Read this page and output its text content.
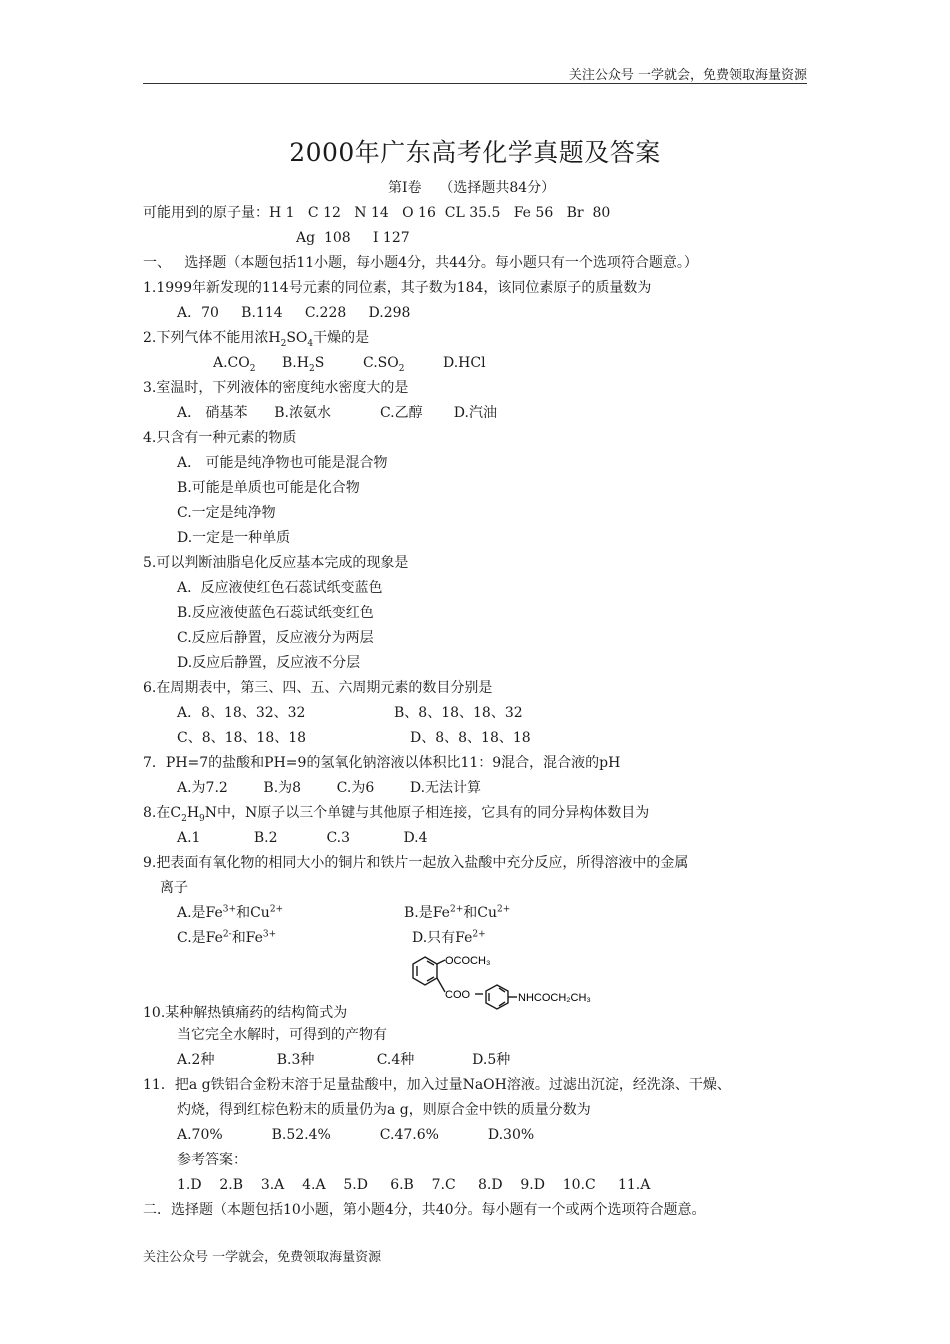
关注公众号 一学就会，免费领取海量资源
2000年广东高考化学真题及答案
第Ⅰ卷    （选择题共84分）
可能用到的原子量：H 1   C 12   N 14   O 16  CL 35.5   Fe 56   Br  80
Ag  108     I 127
一、   选择题（本题包括11小题，每小题4分，共44分。每小题只有一个选项符合题意。）
1.1999年新发现的114号元素的同位素，其子数为184，该同位素原子的质量数为
A．70     B.114     C.228     D.298
2.下列气体不能用浓$H_2SO_4$干燥的是
$A.CO_2$ $B.H_2S$	$C.SO_2$	D.HCl
3.室温时，下列液体的密度纯水密度大的是
A． 硝基苯      B.浓氨水           C.乙醇       D.汽油
4.只含有一种元素的物质
A． 可能是纯净物也可能是混合物
B.可能是单质也可能是化合物
C.一定是纯净物
D.一定是一种单质
5.可以判断油脂皂化反应基本完成的现象是
A.  反应液使红色石蕊试纸变蓝色
B.反应液使蓝色石蕊试纸变红色
C.反应后静置，反应液分为两层
D.反应后静置，反应液不分层
6.在周期表中，第三、四、五、六周期元素的数目分别是
A．8、18、32、32	B、8、18、18、32
C、8、18、18、18	D、8、8、18、18
7．PH=7的盐酸和PH=9的氢氧化钠溶液以体积比11：9混合，混合液的pH
A.为7.2        B.为8        C.为6        D.无法计算
8.在$C_2H_9N$中，N原子以三个单键与其他原子相连接，它具有的同分异构体数目为
A.1            B.2           C.3            D.4
9.把表面有氧化物的相同大小的铜片和铁片一起放入盐酸中充分反应，所得溶液中的金属
离子
A.是$Fe^{3+}$和$Cu^{2+}$	B.是$Fe^{2+}$和$Cu^{2+}$
C.是$Fe^{2-}$和$Fe^{3+}$	D.只有$Fe^{2+}$
OCOCH₃
COO	NHCOCH₂CH₃
10.某种解热镇痛药的结构简式为
当它完全水解时，可得到的产物有
A.2种              B.3种              C.4种             D.5种
11．把a g铁铝合金粉末溶于足量盐酸中，加入过量NaOH溶液。过滤出沉淀，经洗涤、干燥、
灼烧，得到红棕色粉末的质量仍为a g，则原合金中铁的质量分数为
A.70%           B.52.4%           C.47.6%           D.30%
参考答案：
1.D    2.B    3.A    4.A    5.D     6.B    7.C     8.D    9.D    10.C     11.A
二．选择题（本题包括10小题，第小题4分，共40分。每小题有一个或两个选项符合题意。
关注公众号 一学就会，免费领取海量资源
